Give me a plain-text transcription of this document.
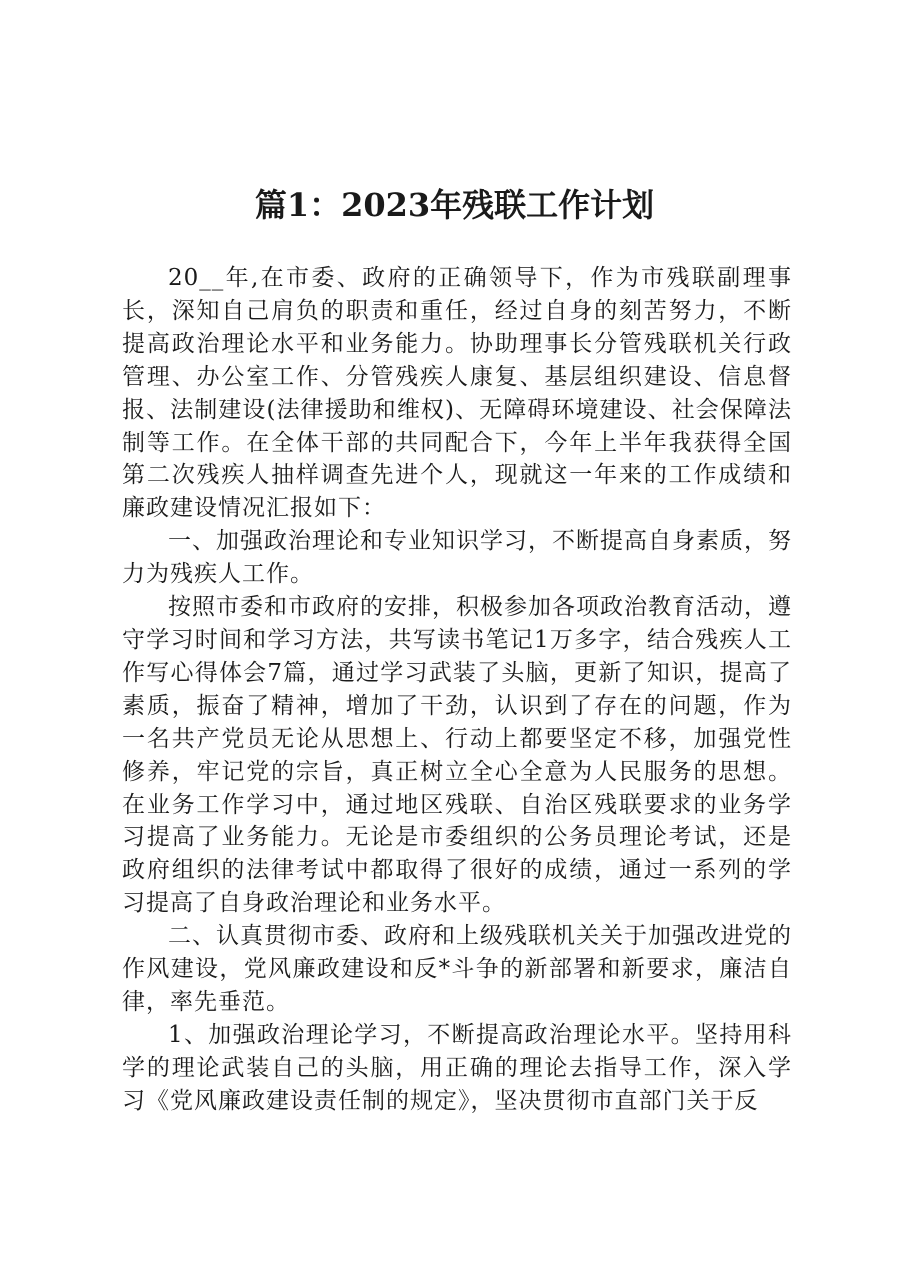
篇1：2023年残联工作计划

20__年,在市委、政府的正确领导下，作为市残联副理事长，深知自己肩负的职责和重任，经过自身的刻苦努力，不断提高政治理论水平和业务能力。协助理事长分管残联机关行政管理、办公室工作、分管残疾人康复、基层组织建设、信息督报、法制建设(法律援助和维权)、无障碍环境建设、社会保障法制等工作。在全体干部的共同配合下，今年上半年我获得全国第二次残疾人抽样调查先进个人，现就这一年来的工作成绩和廉政建设情况汇报如下：

一、加强政治理论和专业知识学习，不断提高自身素质，努力为残疾人工作。

按照市委和市政府的安排，积极参加各项政治教育活动，遵守学习时间和学习方法，共写读书笔记1万多字，结合残疾人工作写心得体会7篇，通过学习武装了头脑，更新了知识，提高了素质，振奋了精神，增加了干劲，认识到了存在的问题，作为一名共产党员无论从思想上、行动上都要坚定不移，加强党性修养，牢记党的宗旨，真正树立全心全意为人民服务的思想。在业务工作学习中，通过地区残联、自治区残联要求的业务学习提高了业务能力。无论是市委组织的公务员理论考试，还是政府组织的法律考试中都取得了很好的成绩，通过一系列的学习提高了自身政治理论和业务水平。

二、认真贯彻市委、政府和上级残联机关关于加强改进党的作风建设，党风廉政建设和反*斗争的新部署和新要求，廉洁自律，率先垂范。

1、加强政治理论学习，不断提高政治理论水平。坚持用科学的理论武装自己的头脑，用正确的理论去指导工作，深入学习《党风廉政建设责任制的规定》，坚决贯彻市直部门关于反
